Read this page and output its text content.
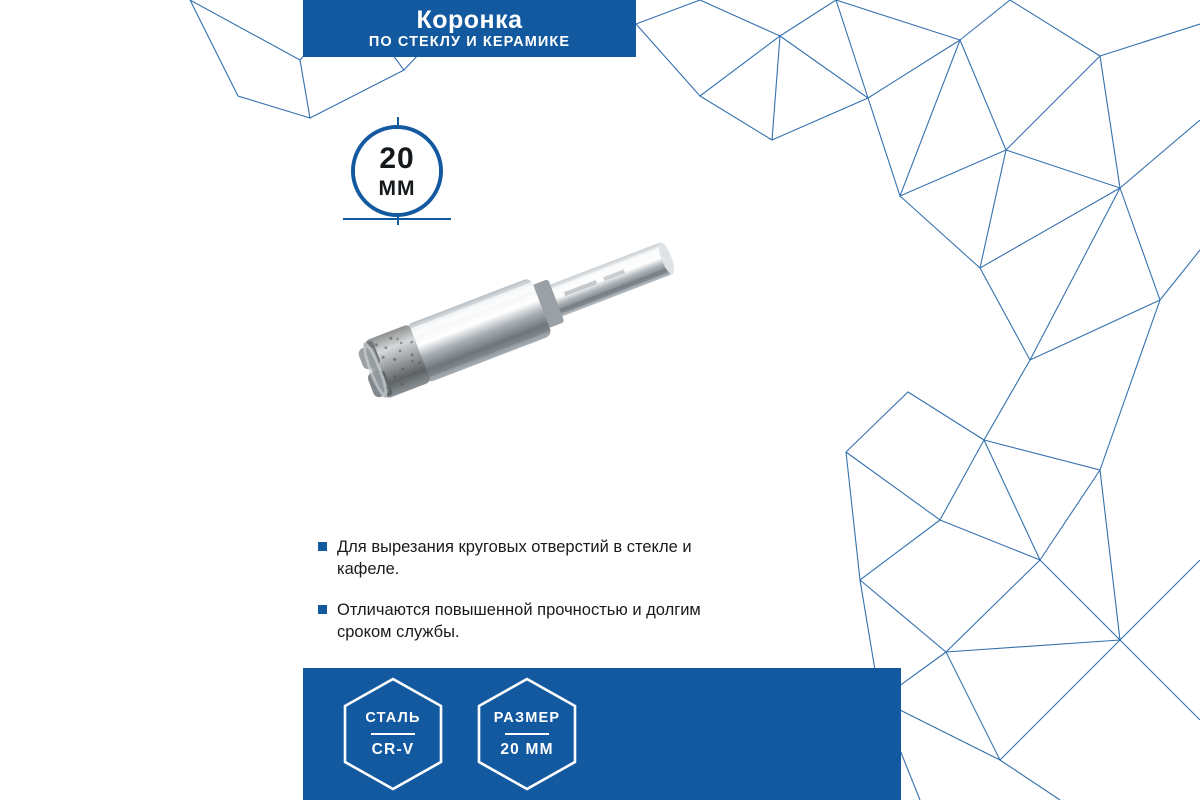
Коронка
ПО СТЕКЛУ И КЕРАМИКЕ
20
ММ
Для вырезания круговых отверстий в стекле и кафеле.
Отличаются повышенной прочностью и долгим сроком службы.
СТАЛЬ
CR-V
РАЗМЕР
20 ММ
